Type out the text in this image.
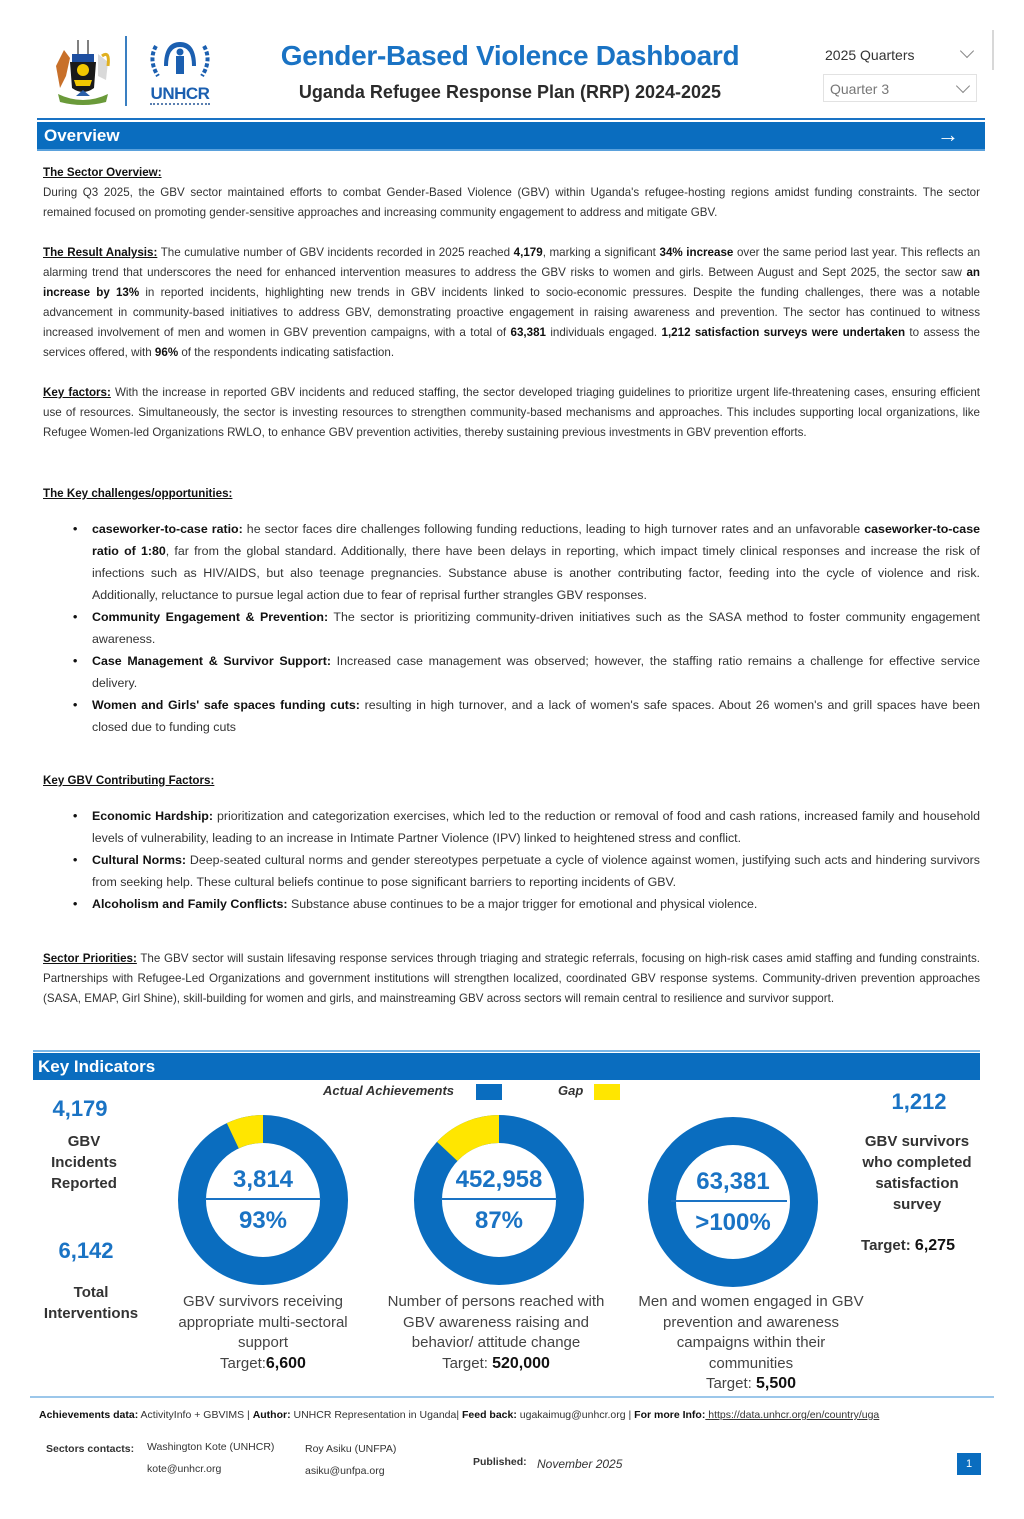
UNHCR
Gender-Based Violence Dashboard
Uganda Refugee Response Plan (RRP) 2024-2025
2025 Quarters
Quarter 3
Overview	→
The Sector Overview:
During Q3 2025, the GBV sector maintained efforts to combat Gender-Based Violence (GBV) within Uganda's refugee-hosting regions amidst funding constraints. The sector remained focused on promoting gender-sensitive approaches and increasing community engagement to address and mitigate GBV.
The Result Analysis: The cumulative number of GBV incidents recorded in 2025 reached 4,179, marking a significant 34% increase over the same period last year. This reflects an alarming trend that underscores the need for enhanced intervention measures to address the GBV risks to women and girls. Between August and Sept 2025, the sector saw an increase by 13% in reported incidents, highlighting new trends in GBV incidents linked to socio-economic pressures. Despite the funding challenges, there was a notable advancement in community-based initiatives to address GBV, demonstrating proactive engagement in raising awareness and prevention. The sector has continued to witness increased involvement of men and women in GBV prevention campaigns, with a total of 63,381 individuals engaged. 1,212 satisfaction surveys were undertaken to assess the services offered, with 96% of the respondents indicating satisfaction.
Key factors: With the increase in reported GBV incidents and reduced staffing, the sector developed triaging guidelines to prioritize urgent life-threatening cases, ensuring efficient use of resources. Simultaneously, the sector is investing resources to strengthen community-based mechanisms and approaches. This includes supporting local organizations, like Refugee Women-led Organizations RWLO, to enhance GBV prevention activities, thereby sustaining previous investments in GBV prevention efforts.
The Key challenges/opportunities:
• caseworker-to-case ratio: he sector faces dire challenges following funding reductions, leading to high turnover rates and an unfavorable caseworker-to-case ratio of 1:80, far from the global standard. Additionally, there have been delays in reporting, which impact timely clinical responses and increase the risk of infections such as HIV/AIDS, but also teenage pregnancies. Substance abuse is another contributing factor, feeding into the cycle of violence and risk. Additionally, reluctance to pursue legal action due to fear of reprisal further strangles GBV responses.
• Community Engagement & Prevention: The sector is prioritizing community-driven initiatives such as the SASA method to foster community engagement awareness.
• Case Management & Survivor Support: Increased case management was observed; however, the staffing ratio remains a challenge for effective service delivery.
• Women and Girls' safe spaces funding cuts: resulting in high turnover, and a lack of women's safe spaces. About 26 women's and grill spaces have been closed due to funding cuts
Key GBV Contributing Factors:
• Economic Hardship: prioritization and categorization exercises, which led to the reduction or removal of food and cash rations, increased family and household levels of vulnerability, leading to an increase in Intimate Partner Violence (IPV) linked to heightened stress and conflict.
• Cultural Norms: Deep-seated cultural norms and gender stereotypes perpetuate a cycle of violence against women, justifying such acts and hindering survivors from seeking help. These cultural beliefs continue to pose significant barriers to reporting incidents of GBV.
• Alcoholism and Family Conflicts: Substance abuse continues to be a major trigger for emotional and physical violence.
Sector Priorities: The GBV sector will sustain lifesaving response services through triaging and strategic referrals, focusing on high-risk cases amid staffing and funding constraints. Partnerships with Refugee-Led Organizations and government institutions will strengthen localized, coordinated GBV response systems. Community-driven prevention approaches (SASA, EMAP, Girl Shine), skill-building for women and girls, and mainstreaming GBV across sectors will remain central to resilience and survivor support.
Key Indicators
Actual Achievements	Gap
4,179
GBV
Incidents
Reported
6,142
Total
Interventions
3,814
93%
GBV survivors receiving
appropriate multi-sectoral
support
Target:6,600
452,958
87%
Number of persons reached with
GBV awareness raising and
behavior/ attitude change
Target: 520,000
63,381
>100%
Men and women engaged in GBV
prevention and awareness
campaigns within their
communities
Target: 5,500
1,212
GBV survivors
who completed
satisfaction
survey
Target: 6,275
Achievements data: ActivityInfo + GBVIMS | Author: UNHCR Representation in Uganda| Feed back: ugakaimug@unhcr.org | For more Info: https://data.unhcr.org/en/country/uga
Sectors contacts: Washington Kote (UNHCR)
kote@unhcr.org
Roy Asiku (UNFPA)
asiku@unfpa.org
Published: November 2025	1
